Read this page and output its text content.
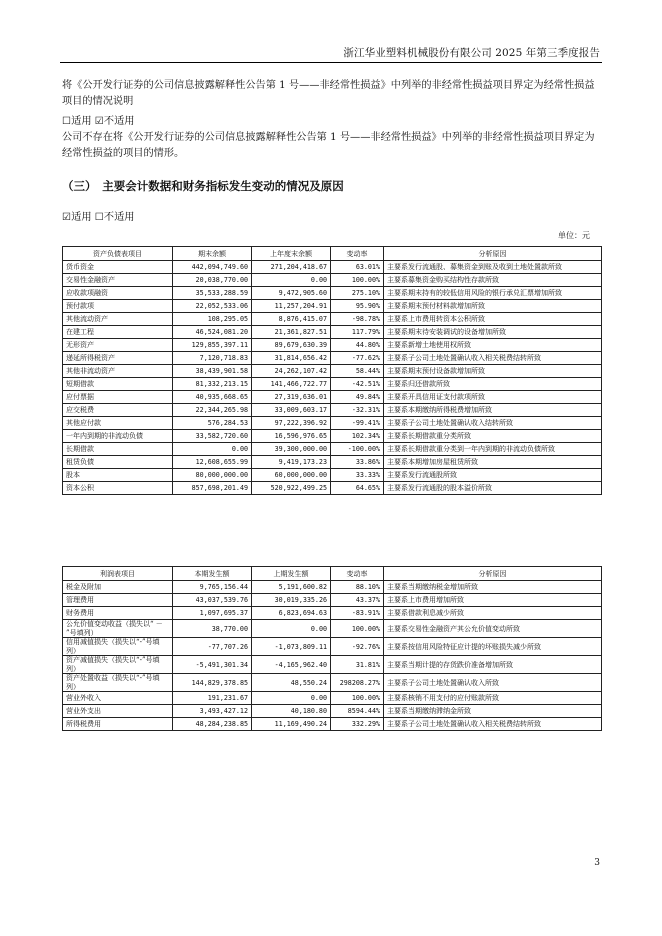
浙江华业塑料机械股份有限公司 2025 年第三季度报告
将《公开发行证券的公司信息披露解释性公告第 1 号——非经常性损益》中列举的非经常性损益项目界定为经常性损益项目的情况说明
☐适用 ☑不适用
公司不存在将《公开发行证券的公司信息披露解释性公告第 1 号——非经常性损益》中列举的非经常性损益项目界定为经常性损益的项目的情形。
（三）　主要会计数据和财务指标发生变动的情况及原因
☑适用 ☐不适用
单位：元
资产负债表项目	期末余额	上年度末余额	变动率	分析原因
货币资金	442,094,749.60	271,204,418.67	63.01%	主要系发行流通股、募集资金到账及收到土地处置款所致
交易性金融资产	20,038,770.00	0.00	100.00%	主要系募集资金购买结构性存款所致
应收款项融资	35,533,288.59	9,472,905.60	275.10%	主要系期末持有的较低信用风险的银行承兑汇票增加所致
预付款项	22,052,533.06	11,257,204.91	95.90%	主要系期末预付材料款增加所致
其他流动资产	108,295.05	8,876,415.07	-98.78%	主要系上市费用转资本公积所致
在建工程	46,524,081.20	21,361,827.51	117.79%	主要系期末待安装调试的设备增加所致
无形资产	129,855,397.11	89,679,630.39	44.80%	主要系新增土地使用权所致
递延所得税资产	7,120,718.83	31,814,656.42	-77.62%	主要系子公司土地处置确认收入相关税费结转所致
其他非流动资产	38,439,901.58	24,262,107.42	58.44%	主要系期末预付设备款增加所致
短期借款	81,332,213.15	141,466,722.77	-42.51%	主要系归还借款所致
应付票据	40,935,668.65	27,319,636.01	49.84%	主要系开具信用证支付款项所致
应交税费	22,344,265.98	33,009,603.17	-32.31%	主要系本期缴纳所得税费增加所致
其他应付款	576,284.53	97,222,396.92	-99.41%	主要系子公司土地处置确认收入结转所致
一年内到期的非流动负债	33,582,720.60	16,596,976.65	102.34%	主要系长期借款重分类所致
长期借款	0.00	39,300,000.00	-100.00%	主要系长期借款重分类到一年内到期的非流动负债所致
租赁负债	12,608,655.99	9,419,173.23	33.86%	主要系本期增加房屋租赁所致
股本	80,000,000.00	60,000,000.00	33.33%	主要系发行流通股所致
资本公积	857,698,201.49	520,922,499.25	64.65%	主要系发行流通股的股本溢价所致
利润表项目	本期发生额	上期发生额	变动率	分析原因
税金及附加	9,765,156.44	5,191,600.82	88.10%	主要系当期缴纳税金增加所致
管理费用	43,037,539.76	30,019,335.26	43.37%	主要系上市费用增加所致
财务费用	1,097,695.37	6,823,694.63	-83.91%	主要系借款利息减少所致
公允价值变动收益（损失以“ － ”号填列）	38,770.00	0.00	100.00%	主要系交易性金融资产其公允价值变动所致
信用减值损失（损失以“-”号填列）	-77,707.26	-1,073,809.11	-92.76%	主要系按信用风险特征应计提的坏账损失减少所致
资产减值损失（损失以“-”号填列）	-5,491,301.34	-4,165,962.40	31.81%	主要系当期计提的存货跌价准备增加所致
资产处置收益（损失以“-”号填列）	144,829,378.85	48,550.24	298208.27%	主要系子公司土地处置确认收入所致
营业外收入	191,231.67	0.00	100.00%	主要系核销不用支付的应付账款所致
营业外支出	3,493,427.12	40,180.80	8594.44%	主要系当期缴纳滞纳金所致
所得税费用	48,284,238.85	11,169,490.24	332.29%	主要系子公司土地处置确认收入相关税费结转所致
3
